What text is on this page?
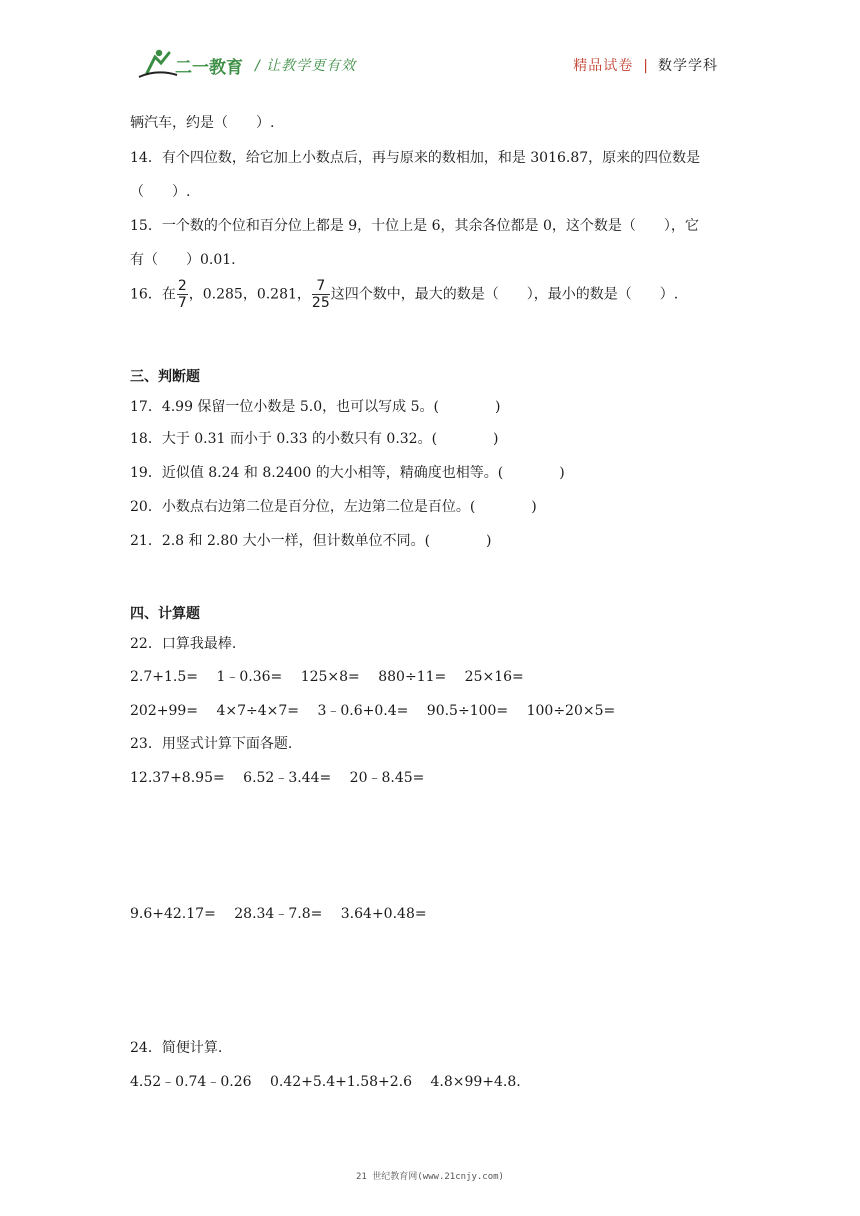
二一教育 / 让教学更有效	精品试卷 | 数学学科
辆汽车，约是（　　）.
14．有个四位数，给它加上小数点后，再与原来的数相加，和是 3016.87，原来的四位数是
（　　）.
15．一个数的个位和百分位上都是 9，十位上是 6，其余各位都是 0，这个数是（　　），它
有（　　）0.01.
16．在 $\frac{2}{7}$ ，0.285，0.281， $\frac{7}{25}$ 这四个数中，最大的数是（　　），最小的数是（　　）.
三、判断题
17．4.99 保留一位小数是 5.0，也可以写成 5。(　　　　)
18．大于 0.31 而小于 0.33 的小数只有 0.32。(　　　　)
19．近似值 8.24 和 8.2400 的大小相等，精确度也相等。(　　　　)
20．小数点右边第二位是百分位，左边第二位是百位。(　　　　)
21．2.8 和 2.80 大小一样，但计数单位不同。(　　　　)
四、计算题
22．口算我最棒.
2.7+1.5=　 1﹣0.36=　 125×8=　 880÷11=　 25×16=
202+99=　 4×7÷4×7=　 3﹣0.6+0.4=　 90.5÷100=　 100÷20×5=
23．用竖式计算下面各题.
12.37+8.95=　 6.52﹣3.44=　 20﹣8.45=
9.6+42.17=　 28.34﹣7.8=　 3.64+0.48=
24．简便计算.
4.52﹣0.74﹣0.26　 0.42+5.4+1.58+2.6　 4.8×99+4.8.
21 世纪教育网(www.21cnjy.com)
